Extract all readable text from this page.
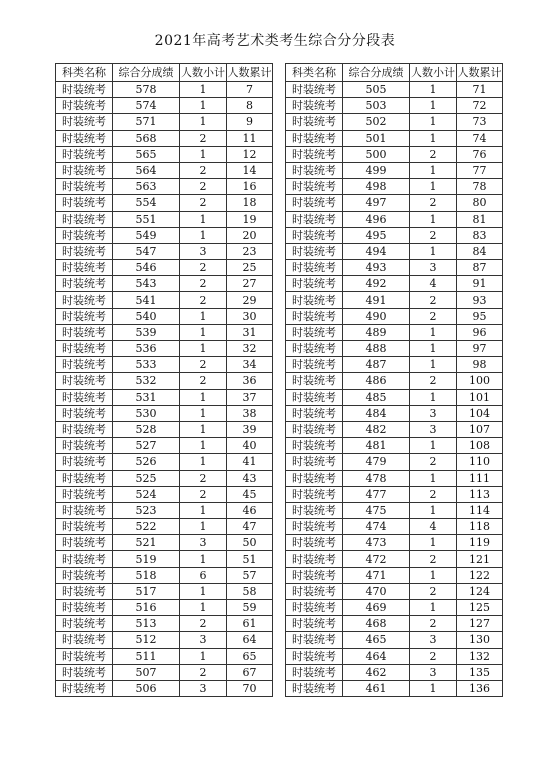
2021年高考艺术类考生综合分分段表
科类名称	综合分成绩	人数小计	人数累计
时装统考	578	1	7
时装统考	574	1	8
时装统考	571	1	9
时装统考	568	2	11
时装统考	565	1	12
时装统考	564	2	14
时装统考	563	2	16
时装统考	554	2	18
时装统考	551	1	19
时装统考	549	1	20
时装统考	547	3	23
时装统考	546	2	25
时装统考	543	2	27
时装统考	541	2	29
时装统考	540	1	30
时装统考	539	1	31
时装统考	536	1	32
时装统考	533	2	34
时装统考	532	2	36
时装统考	531	1	37
时装统考	530	1	38
时装统考	528	1	39
时装统考	527	1	40
时装统考	526	1	41
时装统考	525	2	43
时装统考	524	2	45
时装统考	523	1	46
时装统考	522	1	47
时装统考	521	3	50
时装统考	519	1	51
时装统考	518	6	57
时装统考	517	1	58
时装统考	516	1	59
时装统考	513	2	61
时装统考	512	3	64
时装统考	511	1	65
时装统考	507	2	67
时装统考	506	3	70
科类名称	综合分成绩	人数小计	人数累计
时装统考	505	1	71
时装统考	503	1	72
时装统考	502	1	73
时装统考	501	1	74
时装统考	500	2	76
时装统考	499	1	77
时装统考	498	1	78
时装统考	497	2	80
时装统考	496	1	81
时装统考	495	2	83
时装统考	494	1	84
时装统考	493	3	87
时装统考	492	4	91
时装统考	491	2	93
时装统考	490	2	95
时装统考	489	1	96
时装统考	488	1	97
时装统考	487	1	98
时装统考	486	2	100
时装统考	485	1	101
时装统考	484	3	104
时装统考	482	3	107
时装统考	481	1	108
时装统考	479	2	110
时装统考	478	1	111
时装统考	477	2	113
时装统考	475	1	114
时装统考	474	4	118
时装统考	473	1	119
时装统考	472	2	121
时装统考	471	1	122
时装统考	470	2	124
时装统考	469	1	125
时装统考	468	2	127
时装统考	465	3	130
时装统考	464	2	132
时装统考	462	3	135
时装统考	461	1	136
